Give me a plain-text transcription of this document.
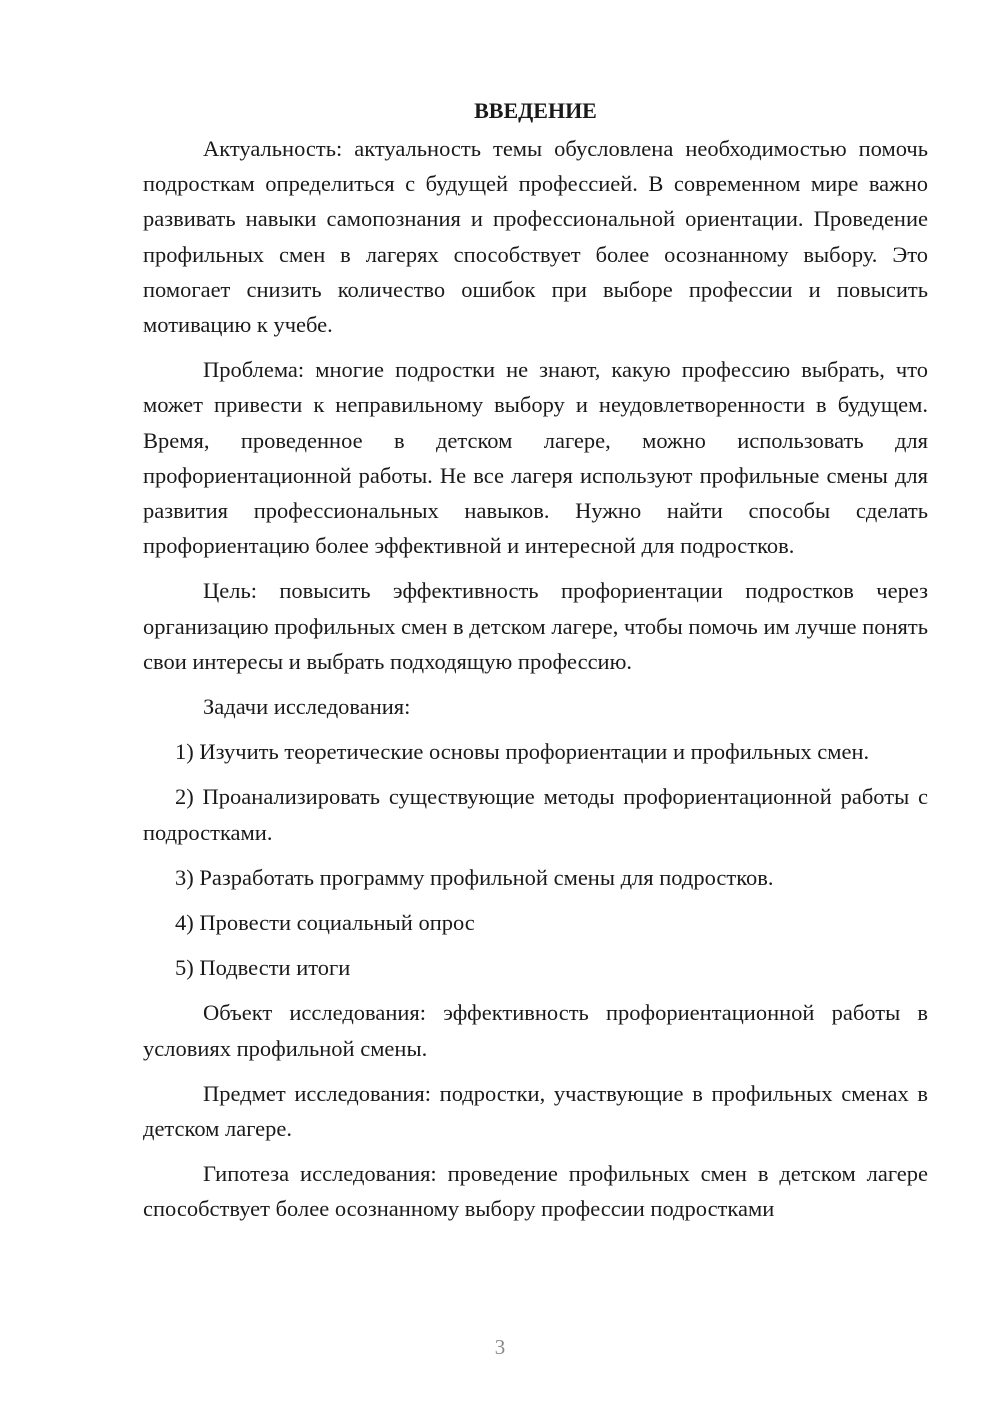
ВВЕДЕНИЕ

Актуальность: актуальность темы обусловлена необходимостью помочь подросткам определиться с будущей профессией. В современном мире важно развивать навыки самопознания и профессиональной ориентации. Проведение профильных смен в лагерях способствует более осознанному выбору. Это помогает снизить количество ошибок при выборе профессии и повысить мотивацию к учебе.

Проблема: многие подростки не знают, какую профессию выбрать, что может привести к неправильному выбору и неудовлетворенности в будущем. Время, проведенное в детском лагере, можно использовать для профориентационной работы. Не все лагеря используют профильные смены для развития профессиональных навыков. Нужно найти способы сделать профориентацию более эффективной и интересной для подростков.

Цель: повысить эффективность профориентации подростков через организацию профильных смен в детском лагере, чтобы помочь им лучше понять свои интересы и выбрать подходящую профессию.

Задачи исследования:

1) Изучить теоретические основы профориентации и профильных смен.

2) Проанализировать существующие методы профориентационной работы с подростками.

3) Разработать программу профильной смены для подростков.

4) Провести социальный опрос

5) Подвести итоги

Объект исследования: эффективность профориентационной работы в условиях профильной смены.

Предмет исследования: подростки, участвующие в профильных сменах в детском лагере.

Гипотеза исследования: проведение профильных смен в детском лагере способствует более осознанному выбору профессии подростками

3
